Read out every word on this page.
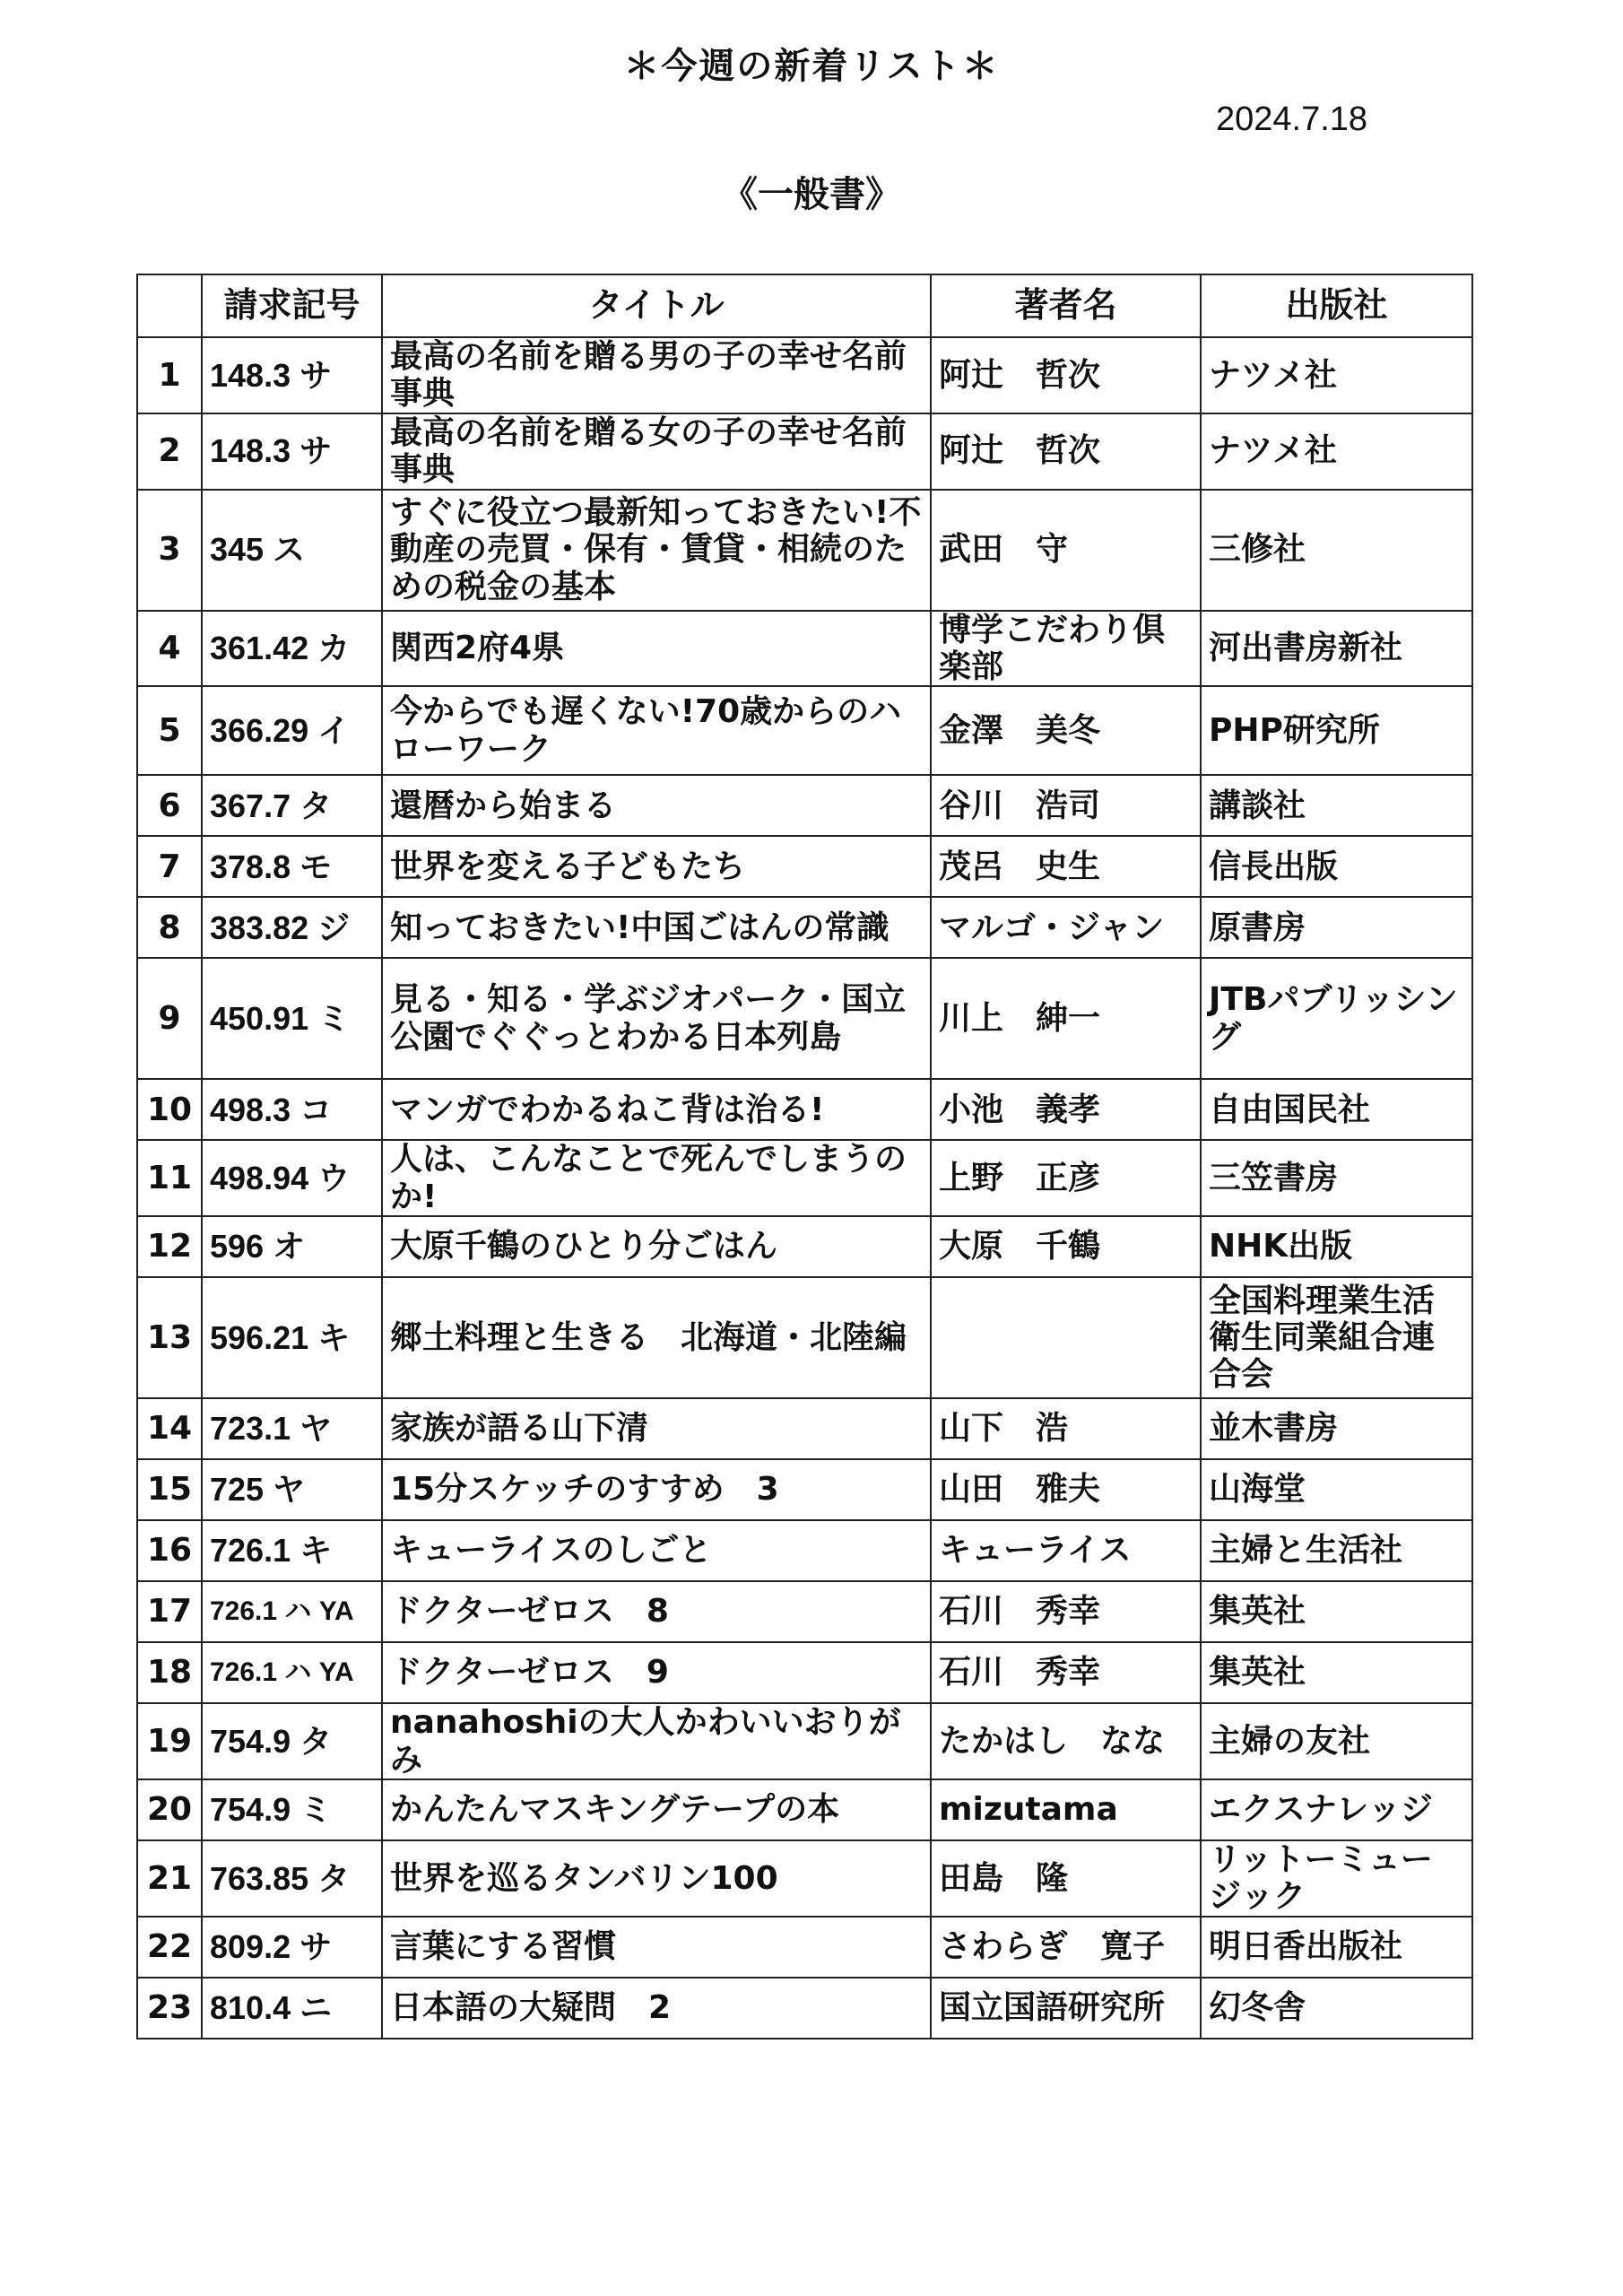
＊今週の新着リスト＊
2024.7.18
《一般書》
	請求記号	タイトル	著者名	出版社
1	148.3 サ	最高の名前を贈る男の子の幸せ名前事典	阿辻　哲次	ナツメ社
2	148.3 サ	最高の名前を贈る女の子の幸せ名前事典	阿辻　哲次	ナツメ社
3	345 ス	すぐに役立つ最新知っておきたい!不動産の売買・保有・賃貸・相続のための税金の基本	武田　守	三修社
4	361.42 カ	関西2府4県	博学こだわり倶楽部	河出書房新社
5	366.29 イ	今からでも遅くない!70歳からのハローワーク	金澤　美冬	PHP研究所
6	367.7 タ	還暦から始まる	谷川　浩司	講談社
7	378.8 モ	世界を変える子どもたち	茂呂　史生	信長出版
8	383.82 ジ	知っておきたい!中国ごはんの常識	マルゴ・ジャン	原書房
9	450.91 ミ	見る・知る・学ぶジオパーク・国立公園でぐぐっとわかる日本列島	川上　紳一	JTBパブリッシング
10	498.3 コ	マンガでわかるねこ背は治る!	小池　義孝	自由国民社
11	498.94 ウ	人は、こんなことで死んでしまうのか!	上野　正彦	三笠書房
12	596 オ	大原千鶴のひとり分ごはん	大原　千鶴	NHK出版
13	596.21 キ	郷土料理と生きる　北海道・北陸編		全国料理業生活衛生同業組合連合会
14	723.1 ヤ	家族が語る山下清	山下　浩	並木書房
15	725 ヤ	15分スケッチのすすめ　3	山田　雅夫	山海堂
16	726.1 キ	キューライスのしごと	キューライス	主婦と生活社
17	726.1 ハ YA	ドクターゼロス　8	石川　秀幸	集英社
18	726.1 ハ YA	ドクターゼロス　9	石川　秀幸	集英社
19	754.9 タ	nanahoshiの大人かわいいおりがみ	たかはし　なな	主婦の友社
20	754.9 ミ	かんたんマスキングテープの本	mizutama	エクスナレッジ
21	763.85 タ	世界を巡るタンバリン100	田島　隆	リットーミュージック
22	809.2 サ	言葉にする習慣	さわらぎ　寛子	明日香出版社
23	810.4 ニ	日本語の大疑問　2	国立国語研究所	幻冬舎
